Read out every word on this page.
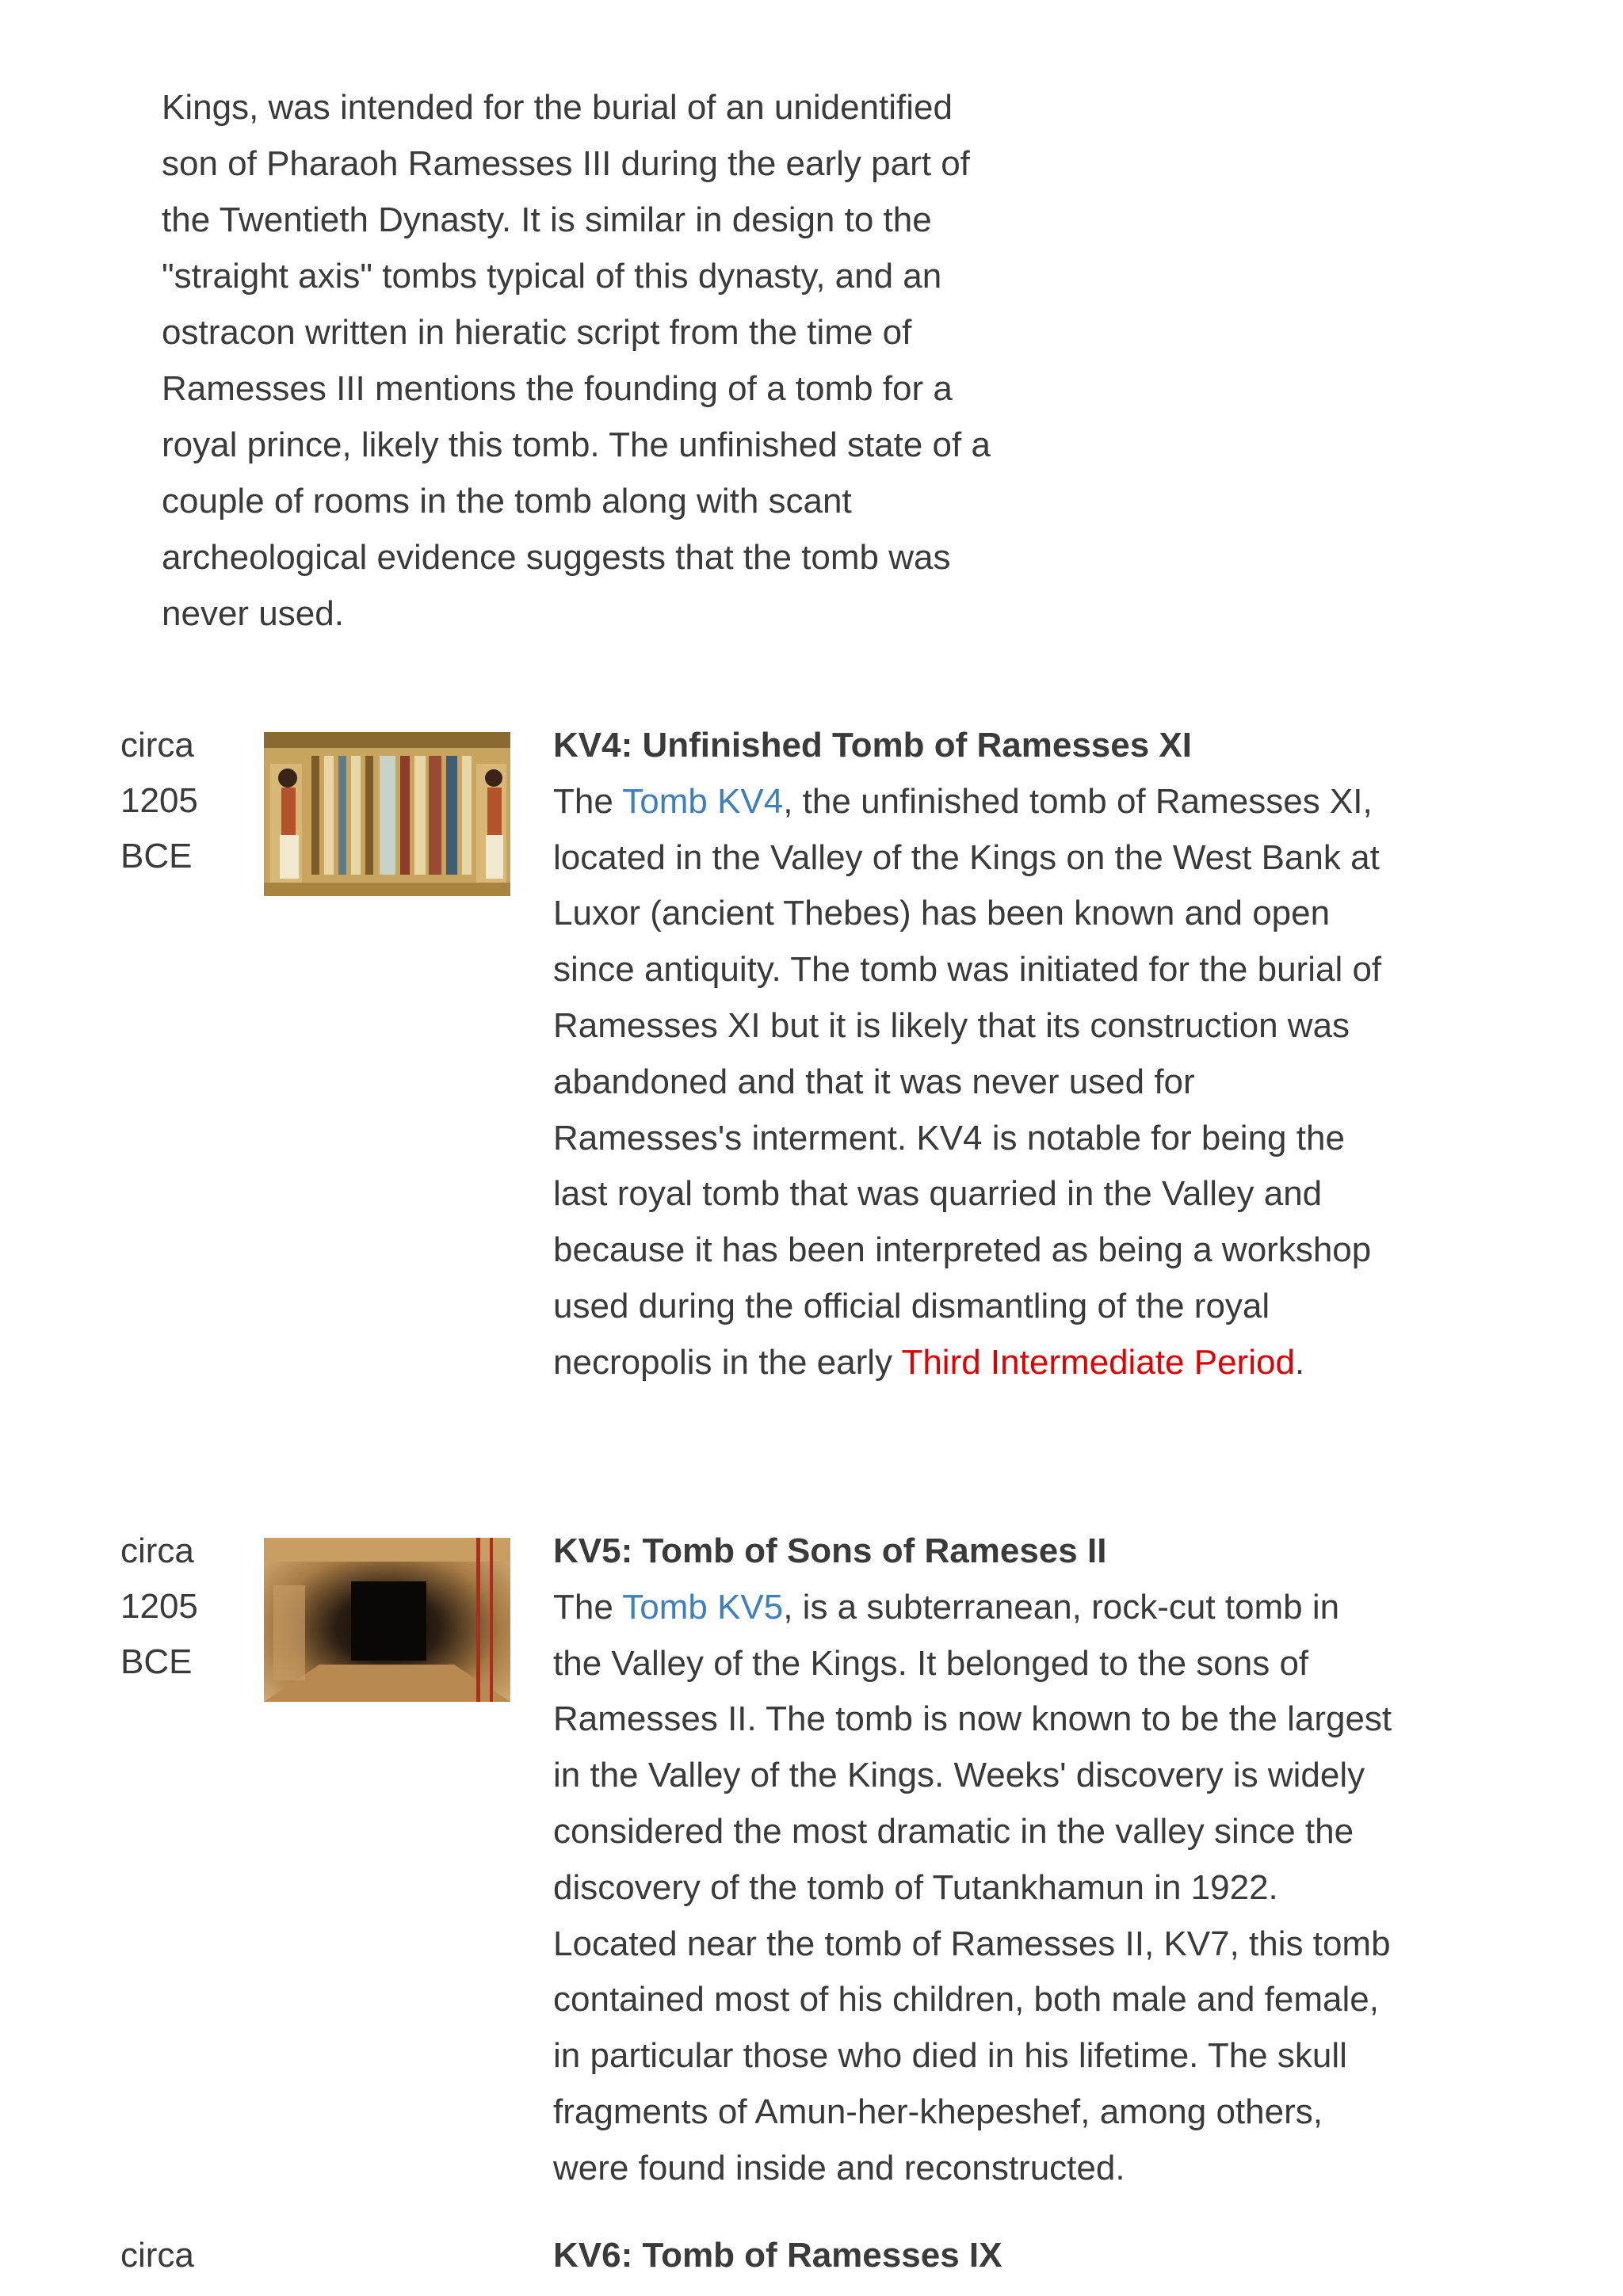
Kings, was intended for the burial of an unidentified son of Pharaoh Ramesses III during the early part of the Twentieth Dynasty. It is similar in design to the "straight axis" tombs typical of this dynasty, and an ostracon written in hieratic script from the time of Ramesses III mentions the founding of a tomb for a royal prince, likely this tomb. The unfinished state of a couple of rooms in the tomb along with scant archeological evidence suggests that the tomb was never used.
circa
1205
BCE
KV4: Unfinished Tomb of Ramesses XI
The Tomb KV4, the unfinished tomb of Ramesses XI, located in the Valley of the Kings on the West Bank at Luxor (ancient Thebes) has been known and open since antiquity. The tomb was initiated for the burial of Ramesses XI but it is likely that its construction was abandoned and that it was never used for Ramesses's interment. KV4 is notable for being the last royal tomb that was quarried in the Valley and because it has been interpreted as being a workshop used during the official dismantling of the royal necropolis in the early Third Intermediate Period.
circa
1205
BCE
KV5: Tomb of Sons of Rameses II
The Tomb KV5, is a subterranean, rock-cut tomb in the Valley of the Kings. It belonged to the sons of Ramesses II. The tomb is now known to be the largest in the Valley of the Kings. Weeks' discovery is widely considered the most dramatic in the valley since the discovery of the tomb of Tutankhamun in 1922. Located near the tomb of Ramesses II, KV7, this tomb contained most of his children, both male and female, in particular those who died in his lifetime. The skull fragments of Amun-her-khepeshef, among others, were found inside and reconstructed.
circa	KV6: Tomb of Ramesses IX
